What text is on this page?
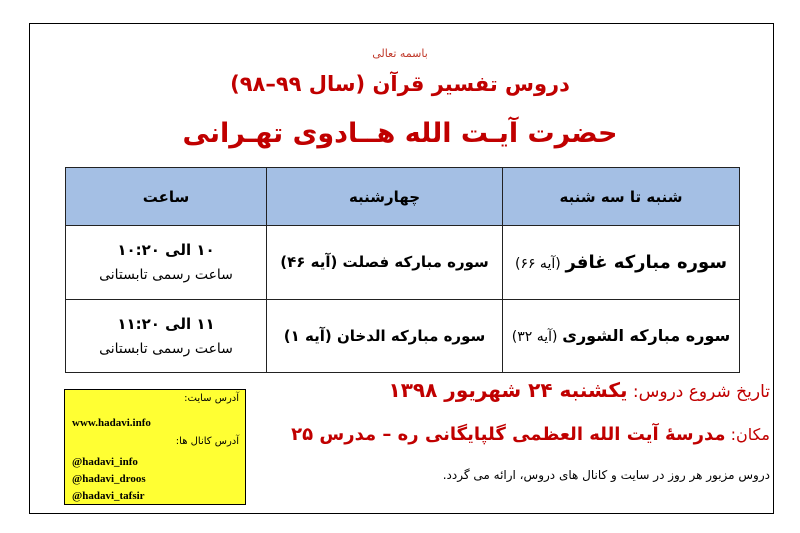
باسمه تعالی
دروس تفسیر قرآن (سال ۹۹–۹۸)
حضرت آیـت الله هــادوی تهـرانی
شنبه تا سه شنبه	چهارشنبه	ساعت
سوره مبارکه غافر (آیه ۶۶)	سوره مبارکه فصلت (آیه ۴۶)	۱۰ الی ۱۰:۲۰
ساعت رسمی تابستانی

سوره مبارکه الشوری (آیه ۳۲)	سوره مبارکه الدخان (آیه ۱)	۱۱ الی ۱۱:۲۰
ساعت رسمی تابستانی
آدرس سایت:
www.hadavi.info
آدرس کانال ها:
@hadavi_info
@hadavi_droos
@hadavi_tafsir
تاریخ شروع دروس: یکشنبه ۲۴ شهریور ۱۳۹۸
مکان: مدرسهٔ آیت الله العظمی گلپایگانی ره – مدرس ۲۵
دروس مزبور هر روز در سایت و کانال های دروس، ارائه می گردد.
